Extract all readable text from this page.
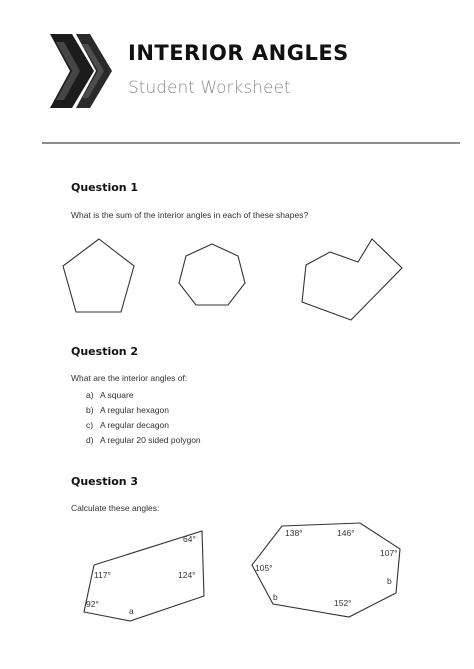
INTERIOR ANGLES
Student Worksheet
Question 1
What is the sum of the interior angles in each of these shapes?
Question 2
What are the interior angles of:
a) A square
b) A regular hexagon
c) A regular decagon
d) A regular 20 sided polygon
Question 3
Calculate these angles:
64°
117°	124°
92°
a
138°	146°
107°
105°
b
152°
b
